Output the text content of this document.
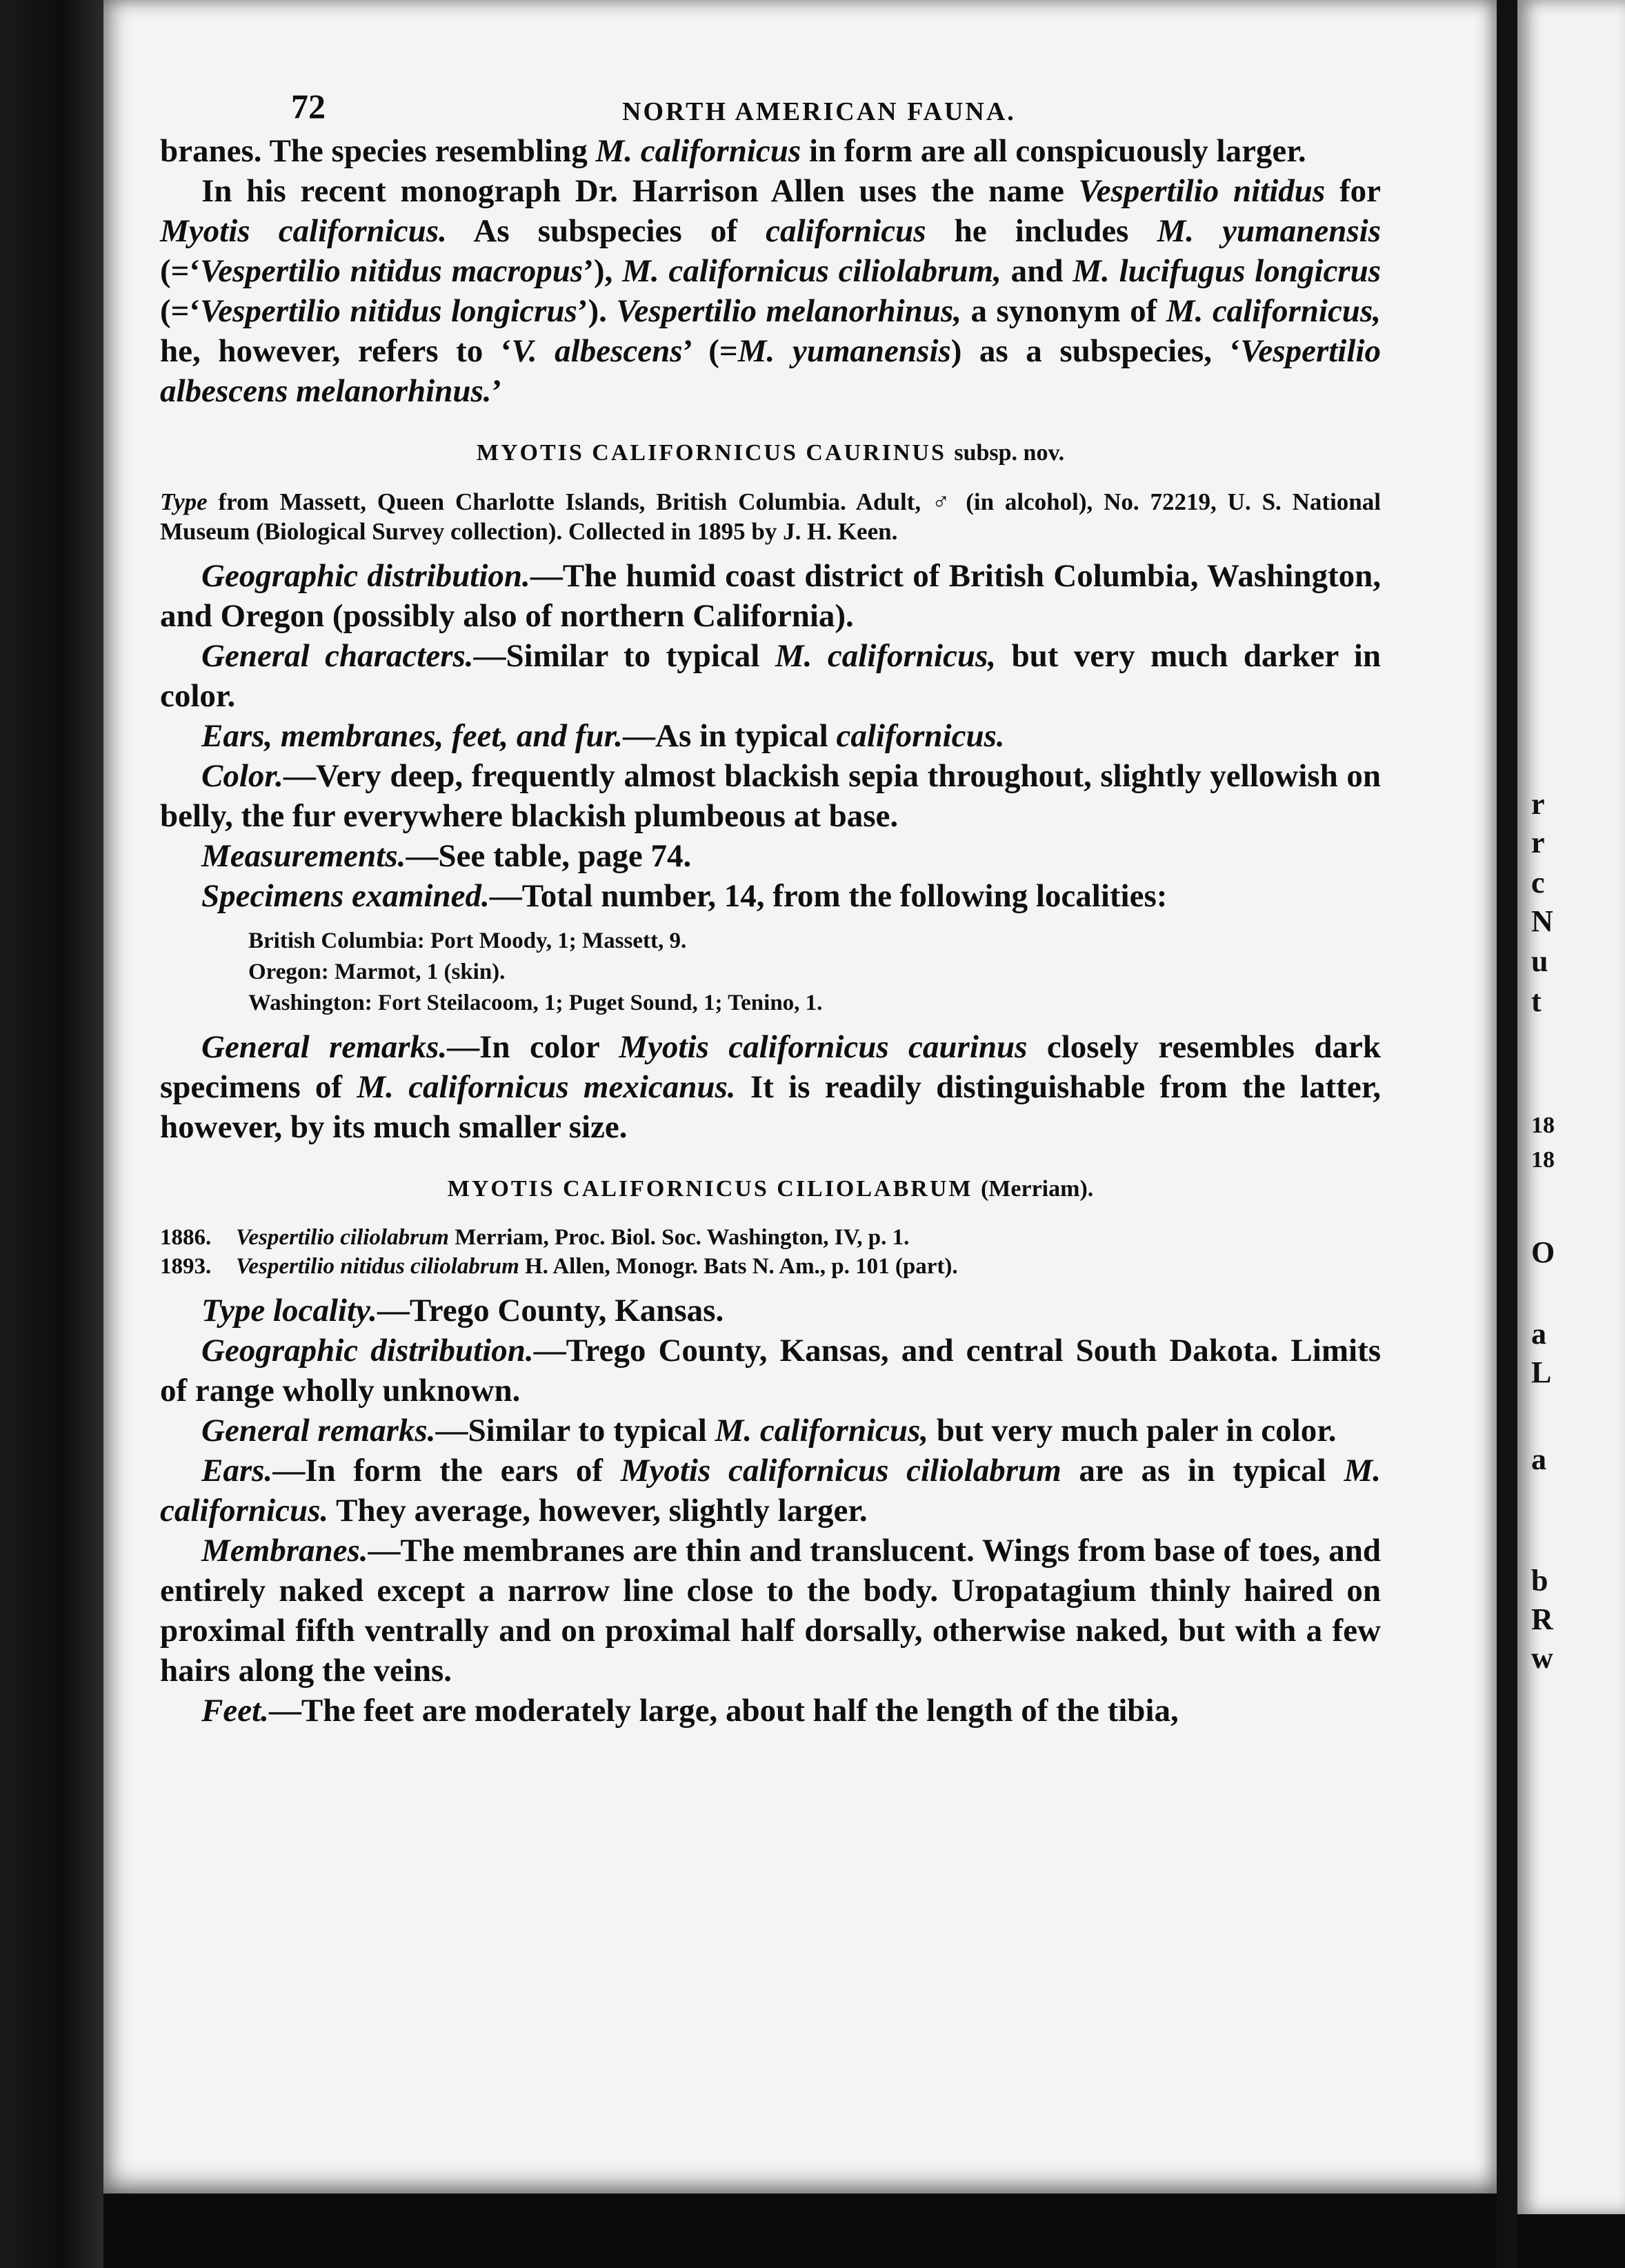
r
r
c
N
u
t
18
18
O
a
L
a
b
R
w
72	NORTH AMERICAN FAUNA.

branes. The species resembling M. californicus in form are all conspicuously larger.

In his recent monograph Dr. Harrison Allen uses the name Vespertilio nitidus for Myotis californicus. As subspecies of californicus he includes M. yumanensis (=‘Vespertilio nitidus macropus’), M. californicus ciliolabrum, and M. lucifugus longicrus (=‘Vespertilio nitidus longicrus’). Vespertilio melanorhinus, a synonym of M. californicus, he, however, refers to ‘V. albescens’ (=M. yumanensis) as a subspecies, ‘Vespertilio albescens melanorhinus.’

MYOTIS CALIFORNICUS CAURINUS subsp. nov.

Type from Massett, Queen Charlotte Islands, British Columbia. Adult, ♂ (in alcohol), No. 72219, U. S. National Museum (Biological Survey collection). Collected in 1895 by J. H. Keen.

Geographic distribution.—The humid coast district of British Columbia, Washington, and Oregon (possibly also of northern California).

General characters.—Similar to typical M. californicus, but very much darker in color.

Ears, membranes, feet, and fur.—As in typical californicus.

Color.—Very deep, frequently almost blackish sepia throughout, slightly yellowish on belly, the fur everywhere blackish plumbeous at base.

Measurements.—See table, page 74.

Specimens examined.—Total number, 14, from the following localities:

British Columbia: Port Moody, 1; Massett, 9.
Oregon: Marmot, 1 (skin).
Washington: Fort Steilacoom, 1; Puget Sound, 1; Tenino, 1.

General remarks.—In color Myotis californicus caurinus closely resembles dark specimens of M. californicus mexicanus. It is readily distinguishable from the latter, however, by its much smaller size.

MYOTIS CALIFORNICUS CILIOLABRUM (Merriam).
1886. Vespertilio ciliolabrum Merriam, Proc. Biol. Soc. Washington, IV, p. 1.
1893. Vespertilio nitidus ciliolabrum H. Allen, Monogr. Bats N. Am., p. 101 (part).

Type locality.—Trego County, Kansas.

Geographic distribution.—Trego County, Kansas, and central South Dakota. Limits of range wholly unknown.

General remarks.—Similar to typical M. californicus, but very much paler in color.

Ears.—In form the ears of Myotis californicus ciliolabrum are as in typical M. californicus. They average, however, slightly larger.

Membranes.—The membranes are thin and translucent. Wings from base of toes, and entirely naked except a narrow line close to the body. Uropatagium thinly haired on proximal fifth ventrally and on proximal half dorsally, otherwise naked, but with a few hairs along the veins.

Feet.—The feet are moderately large, about half the length of the tibia,
